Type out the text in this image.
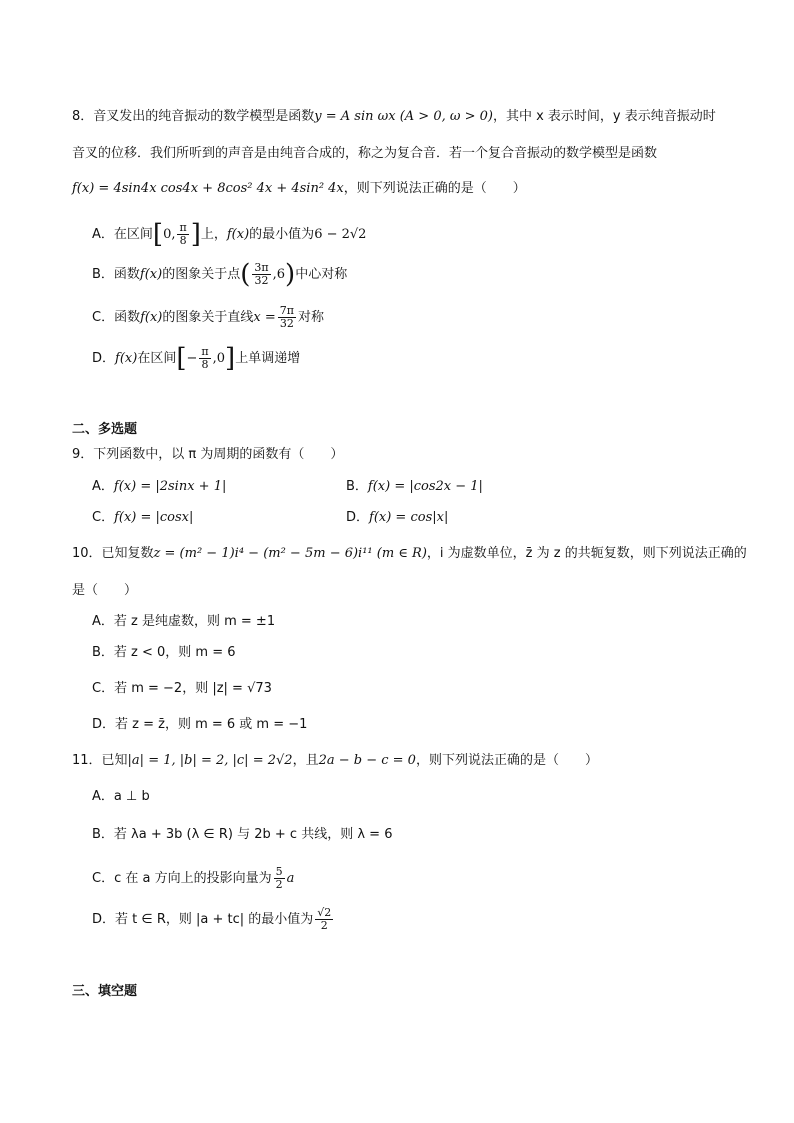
8．音叉发出的纯音振动的数学模型是函数y = A sin ωx (A > 0, ω > 0)，其中 x 表示时间，y 表示纯音振动时
音叉的位移．我们所听到的声音是由纯音合成的，称之为复合音．若一个复合音振动的数学模型是函数
f(x) = 4sin4x cos4x + 8cos² 4x + 4sin² 4x，则下列说法正确的是（　　）
A．在区间[0, $\frac{\pi}{8}$ ]上，f(x)的最小值为6 − 2√2
B．函数f(x)的图象关于点( $\frac{3\pi}{32} ,6$)中心对称
C．函数f(x)的图象关于直线$x = \frac{7\pi}{32}$ 对称
D．f(x)在区间[− $\frac{\pi}{8} ,0$]上单调递增
二、多选题
9．下列函数中，以 π 为周期的函数有（　　）
A．f(x) = |2sinx + 1|	B．f(x) = |cos2x − 1|
C．f(x) = |cosx|	D．f(x) = cos|x|
10．已知复数z = (m² − 1)i⁴ − (m² − 5m − 6)i¹¹ (m ∈ R)，i 为虚数单位，z̄ 为 z 的共轭复数，则下列说法正确的
是（　　）
A．若 z 是纯虚数，则 m = ±1
B．若 z < 0，则 m = 6
C．若 m = −2，则 |z| = √73
D．若 z = z̄，则 m = 6 或 m = −1
11．已知|a| = 1, |b| = 2, |c| = 2√2，且2a − b − c = 0，则下列说法正确的是（　　）
A．a ⊥ b
B．若 λa + 3b (λ ∈ R) 与 2b + c 共线，则 λ = 6
C．c 在 a 方向上的投影向量为 $\frac{5}{2}$ a
D．若 t ∈ R，则 |a + tc| 的最小值为 $\frac{√2}{2}$
三、填空题
